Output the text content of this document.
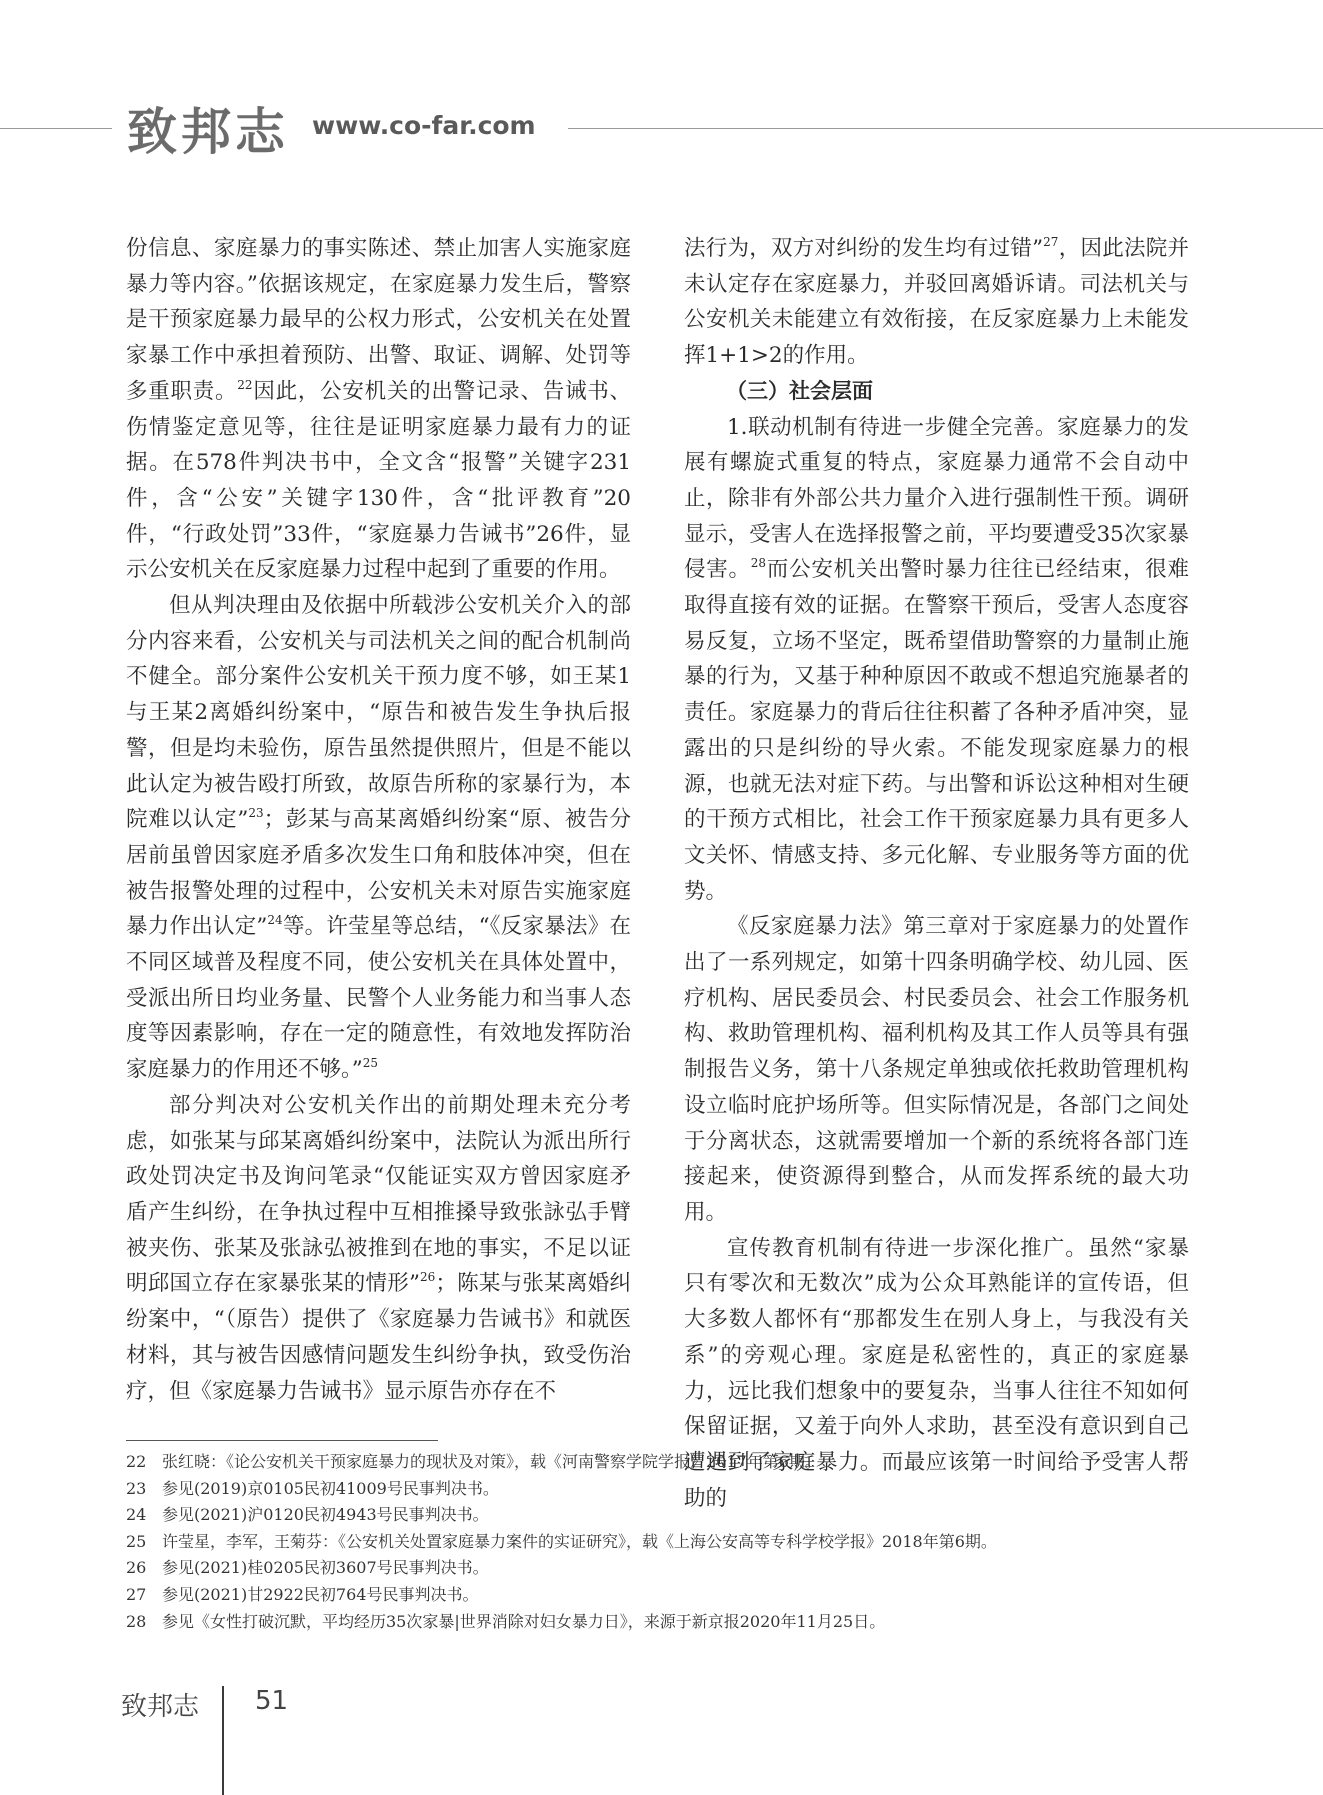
致邦志 www.co-far.com

份信息、家庭暴力的事实陈述、禁止加害人实施家庭暴力等内容。”依据该规定，在家庭暴力发生后，警察是干预家庭暴力最早的公权力形式，公安机关在处置家暴工作中承担着预防、出警、取证、调解、处罚等多重职责。$^{22}$因此，公安机关的出警记录、告诫书、伤情鉴定意见等，往往是证明家庭暴力最有力的证据。在578件判决书中，全文含“报警”关键字231件，含“公安”关键字130件，含“批评教育”20件，“行政处罚”33件，“家庭暴力告诫书”26件，显示公安机关在反家庭暴力过程中起到了重要的作用。

但从判决理由及依据中所载涉公安机关介入的部分内容来看，公安机关与司法机关之间的配合机制尚不健全。部分案件公安机关干预力度不够，如王某1与王某2离婚纠纷案中，“原告和被告发生争执后报警，但是均未验伤，原告虽然提供照片，但是不能以此认定为被告殴打所致，故原告所称的家暴行为，本院难以认定”$^{23}$；彭某与高某离婚纠纷案“原、被告分居前虽曾因家庭矛盾多次发生口角和肢体冲突，但在被告报警处理的过程中，公安机关未对原告实施家庭暴力作出认定”$^{24}$等。许莹星等总结，“《反家暴法》在不同区域普及程度不同，使公安机关在具体处置中，受派出所日均业务量、民警个人业务能力和当事人态度等因素影响，存在一定的随意性，有效地发挥防治家庭暴力的作用还不够。”$^{25}$

部分判决对公安机关作出的前期处理未充分考虑，如张某与邱某离婚纠纷案中，法院认为派出所行政处罚决定书及询问笔录“仅能证实双方曾因家庭矛盾产生纠纷，在争执过程中互相推搡导致张詠弘手臂被夹伤、张某及张詠弘被推到在地的事实，不足以证明邱国立存在家暴张某的情形”$^{26}$；陈某与张某离婚纠纷案中，“（原告）提供了《家庭暴力告诫书》和就医材料，其与被告因感情问题发生纠纷争执，致受伤治疗，但《家庭暴力告诫书》显示原告亦存在不

法行为，双方对纠纷的发生均有过错”$^{27}$，因此法院并未认定存在家庭暴力，并驳回离婚诉请。司法机关与公安机关未能建立有效衔接，在反家庭暴力上未能发挥1+1>2的作用。

（三）社会层面

1.联动机制有待进一步健全完善。家庭暴力的发展有螺旋式重复的特点，家庭暴力通常不会自动中止，除非有外部公共力量介入进行强制性干预。调研显示，受害人在选择报警之前，平均要遭受35次家暴侵害。$^{28}$而公安机关出警时暴力往往已经结束，很难取得直接有效的证据。在警察干预后，受害人态度容易反复，立场不坚定，既希望借助警察的力量制止施暴的行为，又基于种种原因不敢或不想追究施暴者的责任。家庭暴力的背后往往积蓄了各种矛盾冲突，显露出的只是纠纷的导火索。不能发现家庭暴力的根源，也就无法对症下药。与出警和诉讼这种相对生硬的干预方式相比，社会工作干预家庭暴力具有更多人文关怀、情感支持、多元化解、专业服务等方面的优势。

《反家庭暴力法》第三章对于家庭暴力的处置作出了一系列规定，如第十四条明确学校、幼儿园、医疗机构、居民委员会、村民委员会、社会工作服务机构、救助管理机构、福利机构及其工作人员等具有强制报告义务，第十八条规定单独或依托救助管理机构设立临时庇护场所等。但实际情况是，各部门之间处于分离状态，这就需要增加一个新的系统将各部门连接起来，使资源得到整合，从而发挥系统的最大功用。

宣传教育机制有待进一步深化推广。虽然“家暴只有零次和无数次”成为公众耳熟能详的宣传语，但大多数人都怀有“那都发生在别人身上，与我没有关系”的旁观心理。家庭是私密性的，真正的家庭暴力，远比我们想象中的要复杂，当事人往往不知如何保留证据，又羞于向外人求助，甚至没有意识到自己遭遇到了家庭暴力。而最应该第一时间给予受害人帮助的

22 张红晓：《论公安机关干预家庭暴力的现状及对策》，载《河南警察学院学报》2017年第6期。
23 参见(2019)京0105民初41009号民事判决书。
24 参见(2021)沪0120民初4943号民事判决书。
25 许莹星，李军，王菊芬：《公安机关处置家庭暴力案件的实证研究》，载《上海公安高等专科学校学报》2018年第6期。
26 参见(2021)桂0205民初3607号民事判决书。
27 参见(2021)甘2922民初764号民事判决书。
28 参见《女性打破沉默，平均经历35次家暴|世界消除对妇女暴力日》，来源于新京报2020年11月25日。
致邦志 51
